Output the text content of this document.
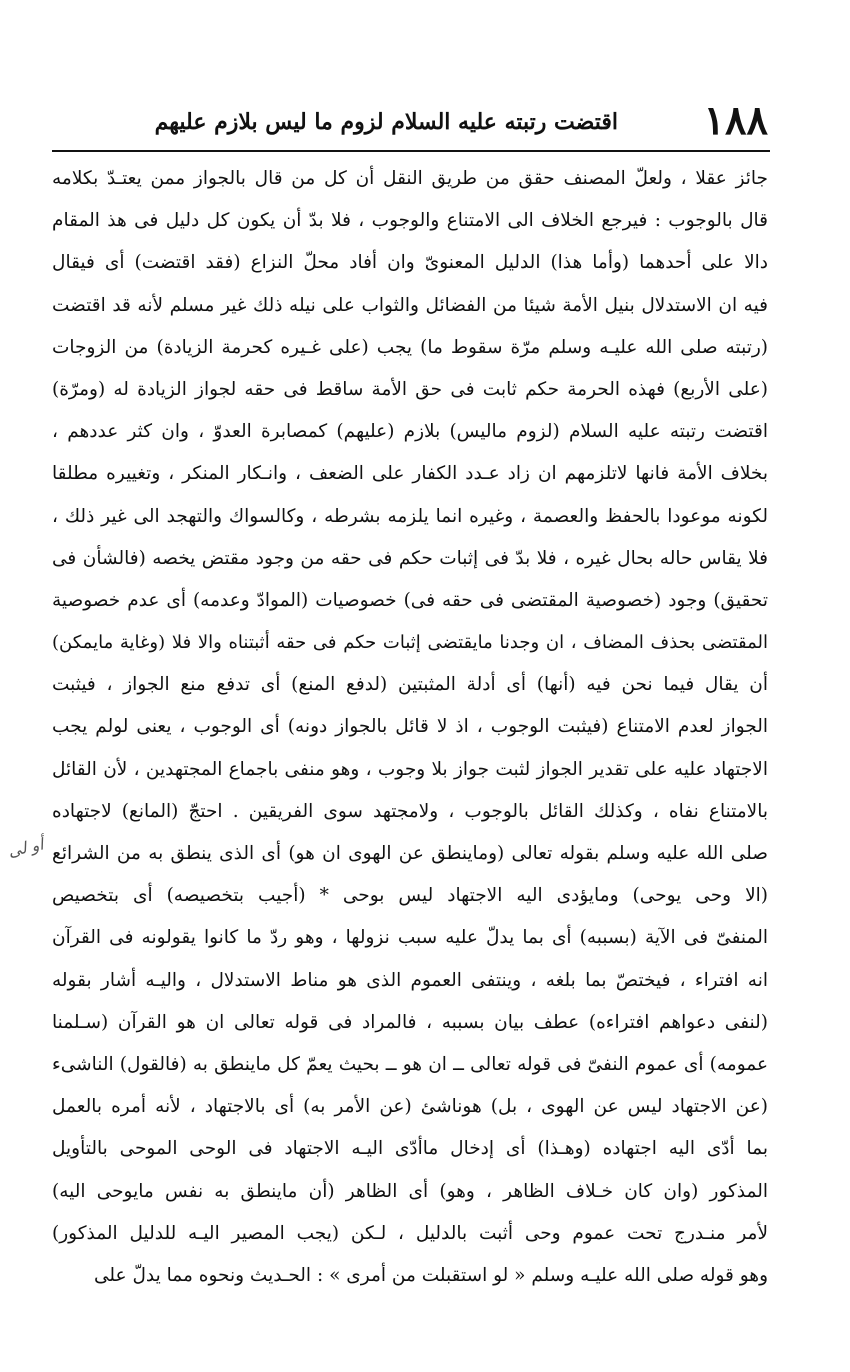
١٨٨
اقتضت رتبته عليه السلام لزوم ما ليس بلازم عليهم
جائز عقلا ، ولعلّ المصنف حقق من طريق النقل أن كل من قال بالجواز ممن يعتـدّ بكلامه
قال بالوجوب : فيرجع الخلاف الى الامتناع والوجوب ، فلا بدّ أن يكون كل دليل فى هذ المقام
دالا على أحدهما (وأما هذا) الدليل المعنوىّ وان أفاد محلّ النزاع (فقد اقتضت) أى فيقال
فيه ان الاستدلال بنيل الأمة شيئا من الفضائل والثواب على نيله ذلك غير مسلم لأنه قد اقتضت
(رتبته صلى الله عليـه وسلم مرّة سقوط ما) يجب (على غـيره كحرمة الزيادة) من الزوجات
(على الأربع) فهذه الحرمة حكم ثابت فى حق الأمة ساقط فى حقه لجواز الزيادة له (ومرّة)
اقتضت رتبته عليه السلام (لزوم ماليس) بلازم (عليهم) كمصابرة العدوّ ، وان كثر عددهم ،
بخلاف الأمة فانها لاتلزمهم ان زاد عـدد الكفار على الضعف ، وانـكار المنكر ، وتغييره مطلقا
لكونه موعودا بالحفظ والعصمة ، وغيره انما يلزمه بشرطه ، وكالسواك والتهجد الى غير ذلك ،
فلا يقاس حاله بحال غيره ، فلا بدّ فى إثبات حكم فى حقه من وجود مقتض يخصه (فالشأن فى
تحقيق) وجود (خصوصية المقتضى فى حقه فى) خصوصيات (الموادّ وعدمه) أى عدم خصوصية
المقتضى بحذف المضاف ، ان وجدنا مايقتضى إثبات حكم فى حقه أثبتناه والا فلا (وغاية مايمكن)
أن يقال فيما نحن فيه (أنها) أى أدلة المثبتين (لدفع المنع) أى تدفع منع الجواز ، فيثبت
الجواز لعدم الامتناع (فيثبت الوجوب ، اذ لا قائل بالجواز دونه) أى الوجوب ، يعنى لولم يجب
الاجتهاد عليه على تقدير الجواز لثبت جواز بلا وجوب ، وهو منفى باجماع المجتهدين ، لأن القائل
بالامتناع نفاه ، وكذلك القائل بالوجوب ، ولامجتهد سوى الفريقين . احتجّ (المانع) لاجتهاده
صلى الله عليه وسلم بقوله تعالى (وماينطق عن الهوى ان هو) أى الذى ينطق به من الشرائع
(الا وحى يوحى) ومايؤدى اليه الاجتهاد ليس بوحى * (أجيب بتخصيصه) أى بتخصيص
المنفىّ فى الآية (بسببه) أى بما يدلّ عليه سبب نزولها ، وهو ردّ ما كانوا يقولونه فى القرآن
انه افتراء ، فيختصّ بما بلغه ، وينتفى العموم الذى هو مناط الاستدلال ، واليـه أشار بقوله
(لنفى دعواهم افتراءه) عطف بيان بسببه ، فالمراد فى قوله تعالى ان هو القرآن (سـلمنا
عمومه) أى عموم النفىّ فى قوله تعالى ــ ان هو ــ بحيث يعمّ كل ماينطق به (فالقول) الناشىء
(عن الاجتهاد ليس عن الهوى ، بل) هوناشئ (عن الأمر به) أى بالاجتهاد ، لأنه أمره بالعمل
بما أدّى اليه اجتهاده (وهـذا) أى إدخال ماأدّى اليـه الاجتهاد فى الوحى الموحى بالتأويل
المذكور (وان كان خـلاف الظاهر ، وهو) أى الظاهر (أن ماينطق به نفس مايوحى اليه)
لأمر منـدرج تحت عموم وحى أثبت بالدليل ، لـكن (يجب المصير اليـه للدليل المذكور)
وهو قوله صلى الله عليـه وسلم « لو استقبلت من أمرى » : الحـديث ونحوه مما يدلّ على
أو لى
